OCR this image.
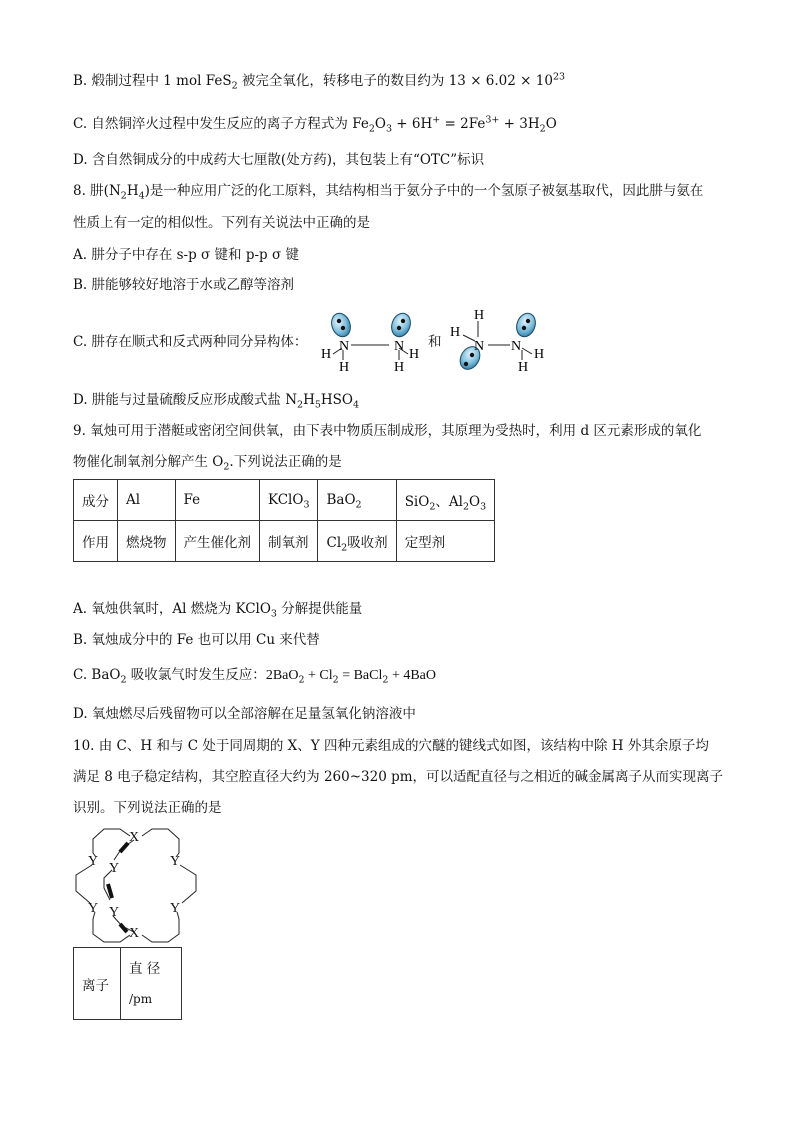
B. 煅制过程中 1 mol FeS$_2$ 被完全氧化，转移电子的数目约为 $13 \times 6.02 \times 10^{23}$
C. 自然铜淬火过程中发生反应的离子方程式为 $Fe_2O_3 + 6H^+ = 2Fe^{3+} + 3H_2O$
D. 含自然铜成分的中成药大七厘散(处方药)，其包装上有“OTC”标识
8. 肼$(N_2H_4)$是一种应用广泛的化工原料，其结构相当于氨分子中的一个氢原子被氨基取代，因此肼与氨在
性质上有一定的相似性。下列有关说法中正确的是
A. 肼分子中存在 s-p σ 键和 p-p σ 键
B. 肼能够较好地溶于水或乙醇等溶剂
C. 肼存在顺式和反式两种同分异构体：	和
N	N
H
H
H
H
H
H
N N
H
H
D. 肼能与过量硫酸反应形成酸式盐 $N_2H_5HSO_4$
9. 氧烛可用于潜艇或密闭空间供氧，由下表中物质压制成形，其原理为受热时，利用 d 区元素形成的氧化
物催化制氧剂分解产生 $O_2$.下列说法正确的是
成分	Al	Fe	KClO$_3$	BaO$_2$	SiO$_2$、$Al_2O_3$
作用	燃烧物	产生催化剂	制氧剂	$Cl_2$吸收剂	定型剂
A. 氧烛供氧时，Al 燃烧为 KClO$_3$ 分解提供能量
B. 氧烛成分中的 Fe 也可以用 Cu 来代替
C. BaO$_2$ 吸收氯气时发生反应：$2BaO_2 + Cl_2$ = BaCl$_2$ + 4BaO
D. 氧烛燃尽后残留物可以全部溶解在足量氢氧化钠溶液中
10. 由 C、H 和与 C 处于同周期的 X、Y 四种元素组成的穴醚的键线式如图，该结构中除 H 外其余原子均
满足 8 电子稳定结构，其空腔直径大约为 260~320 pm，可以适配直径与之相近的碱金属离子从而实现离子
识别。下列说法正确的是
X
X
Y	Y
Y
Y	Y
Y
离子	
直 径
/pm
